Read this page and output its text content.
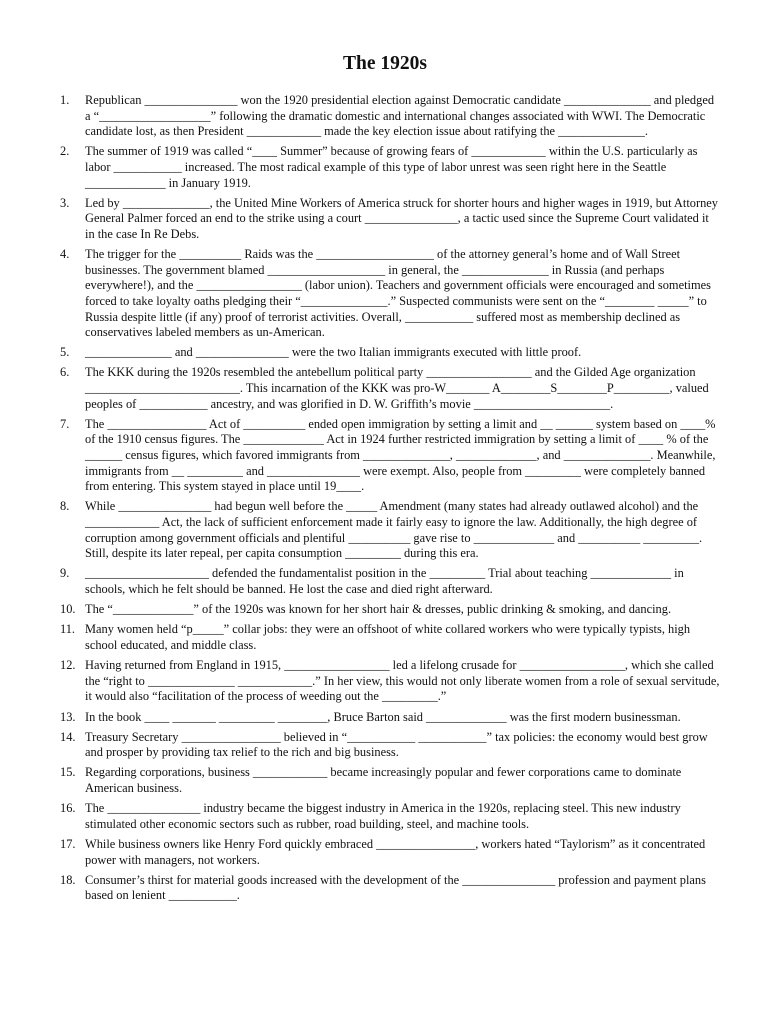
The 1920s
1. Republican _______________ won the 1920 presidential election against Democratic candidate ______________ and pledged a “__________________” following the dramatic domestic and international changes associated with WWI. The Democratic candidate lost, as then President ____________ made the key election issue about ratifying the ______________.
2. The summer of 1919 was called “____ Summer” because of growing fears of ____________ within the U.S. particularly as labor ___________ increased. The most radical example of this type of labor unrest was seen right here in the Seattle _____________ in January 1919.
3. Led by ______________, the United Mine Workers of America struck for shorter hours and higher wages in 1919, but Attorney General Palmer forced an end to the strike using a court _______________, a tactic used since the Supreme Court validated it in the case In Re Debs.
4. The trigger for the __________ Raids was the ___________________ of the attorney general’s home and of Wall Street businesses. The government blamed ___________________ in general, the ______________ in Russia (and perhaps everywhere!), and the _________________ (labor union). Teachers and government officials were encouraged and sometimes forced to take loyalty oaths pledging their “______________.” Suspected communists were sent on the “________ _____” to Russia despite little (if any) proof of terrorist activities. Overall, ___________ suffered most as membership declined as conservatives labeled members as un-American.
5. ______________ and _______________ were the two Italian immigrants executed with little proof.
6. The KKK during the 1920s resembled the antebellum political party _________________ and the Gilded Age organization _________________________. This incarnation of the KKK was pro-W_______ A________S________P_________, valued peoples of ___________ ancestry, and was glorified in D. W. Griffith’s movie ______________________.
7. The ________________ Act of __________ ended open immigration by setting a limit and __ ______ system based on ____% of the 1910 census figures. The _____________ Act in 1924 further restricted immigration by setting a limit of ____ % of the ______ census figures, which favored immigrants from ______________, _____________, and ______________. Meanwhile, immigrants from __ _________ and _______________ were exempt. Also, people from _________ were completely banned from entering. This system stayed in place until 19____.
8. While _______________ had begun well before the _____ Amendment (many states had already outlawed alcohol) and the ____________ Act, the lack of sufficient enforcement made it fairly easy to ignore the law. Additionally, the high degree of corruption among government officials and plentiful __________ gave rise to _____________ and __________ _________. Still, despite its later repeal, per capita consumption _________ during this era.
9. ____________________ defended the fundamentalist position in the _________ Trial about teaching _____________ in schools, which he felt should be banned. He lost the case and died right afterward.
10. The “_____________” of the 1920s was known for her short hair & dresses, public drinking & smoking, and dancing.
11. Many women held “p_____” collar jobs: they were an offshoot of white collared workers who were typically typists, high school educated, and middle class.
12. Having returned from England in 1915, _________________ led a lifelong crusade for _________________, which she called the “right to ______________ ____________.” In her view, this would not only liberate women from a role of sexual servitude, it would also “facilitation of the process of weeding out the _________.”
13. In the book ____ _______ _________ ________, Bruce Barton said _____________ was the first modern businessman.
14. Treasury Secretary ________________ believed in “___________ ___________” tax policies: the economy would best grow and prosper by providing tax relief to the rich and big business.
15. Regarding corporations, business ____________ became increasingly popular and fewer corporations came to dominate American business.
16. The _______________ industry became the biggest industry in America in the 1920s, replacing steel. This new industry stimulated other economic sectors such as rubber, road building, steel, and machine tools.
17. While business owners like Henry Ford quickly embraced ________________, workers hated “Taylorism” as it concentrated power with managers, not workers.
18. Consumer’s thirst for material goods increased with the development of the _______________ profession and payment plans based on lenient ___________.
